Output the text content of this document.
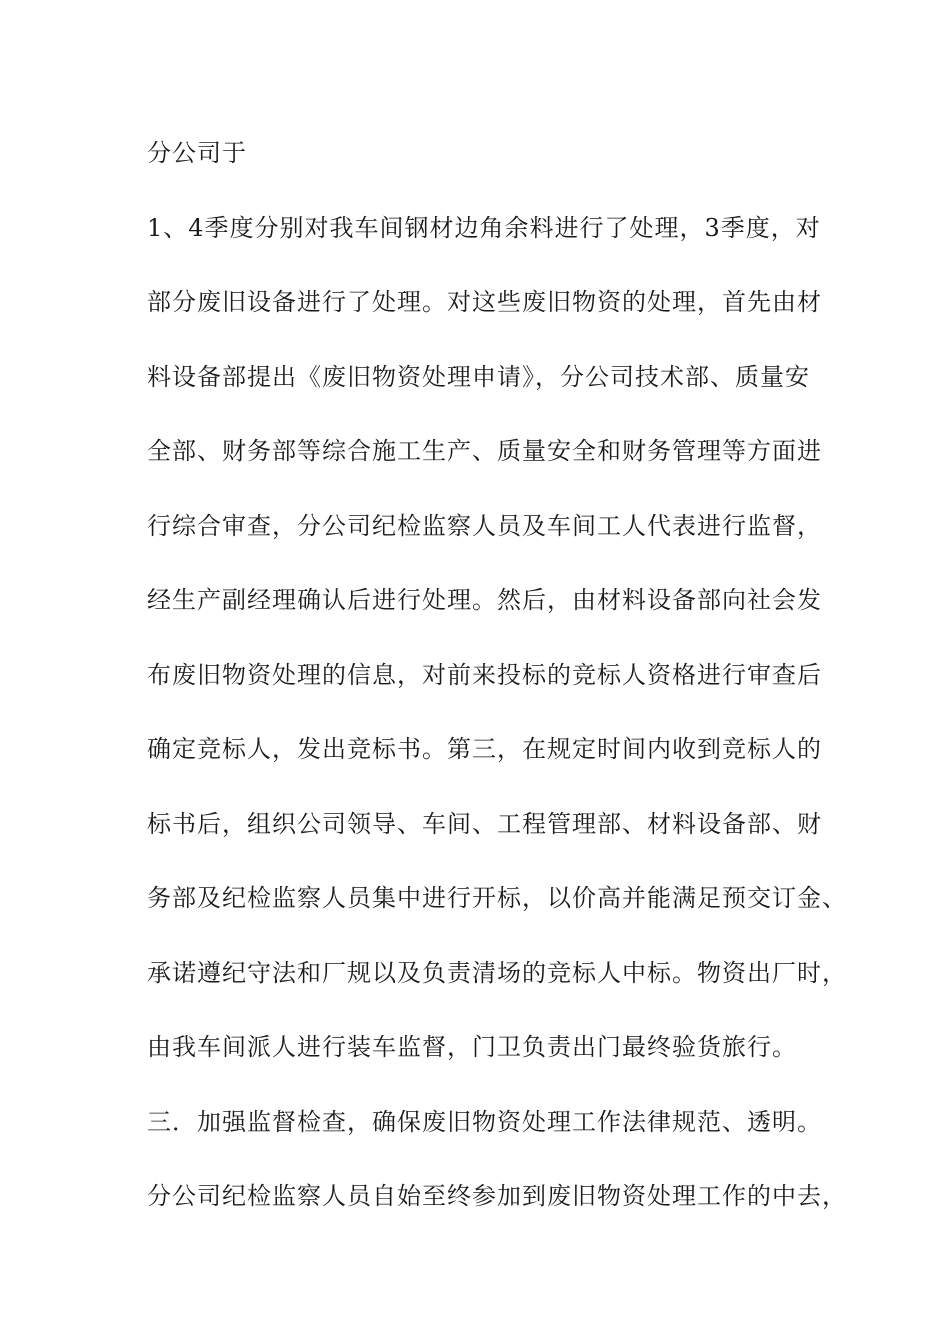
分公司于

1、4季度分别对我车间钢材边角余料进行了处理，3季度，对

部分废旧设备进行了处理。对这些废旧物资的处理，首先由材

料设备部提出《废旧物资处理申请》，分公司技术部、质量安

全部、财务部等综合施工生产、质量安全和财务管理等方面进

行综合审查，分公司纪检监察人员及车间工人代表进行监督，

经生产副经理确认后进行处理。然后，由材料设备部向社会发

布废旧物资处理的信息，对前来投标的竞标人资格进行审查后

确定竞标人，发出竞标书。第三，在规定时间内收到竞标人的

标书后，组织公司领导、车间、工程管理部、材料设备部、财

务部及纪检监察人员集中进行开标，以价高并能满足预交订金、

承诺遵纪守法和厂规以及负责清场的竞标人中标。物资出厂时，

由我车间派人进行装车监督，门卫负责出门最终验货旅行。

三．加强监督检查，确保废旧物资处理工作法律规范、透明。

分公司纪检监察人员自始至终参加到废旧物资处理工作的中去，
